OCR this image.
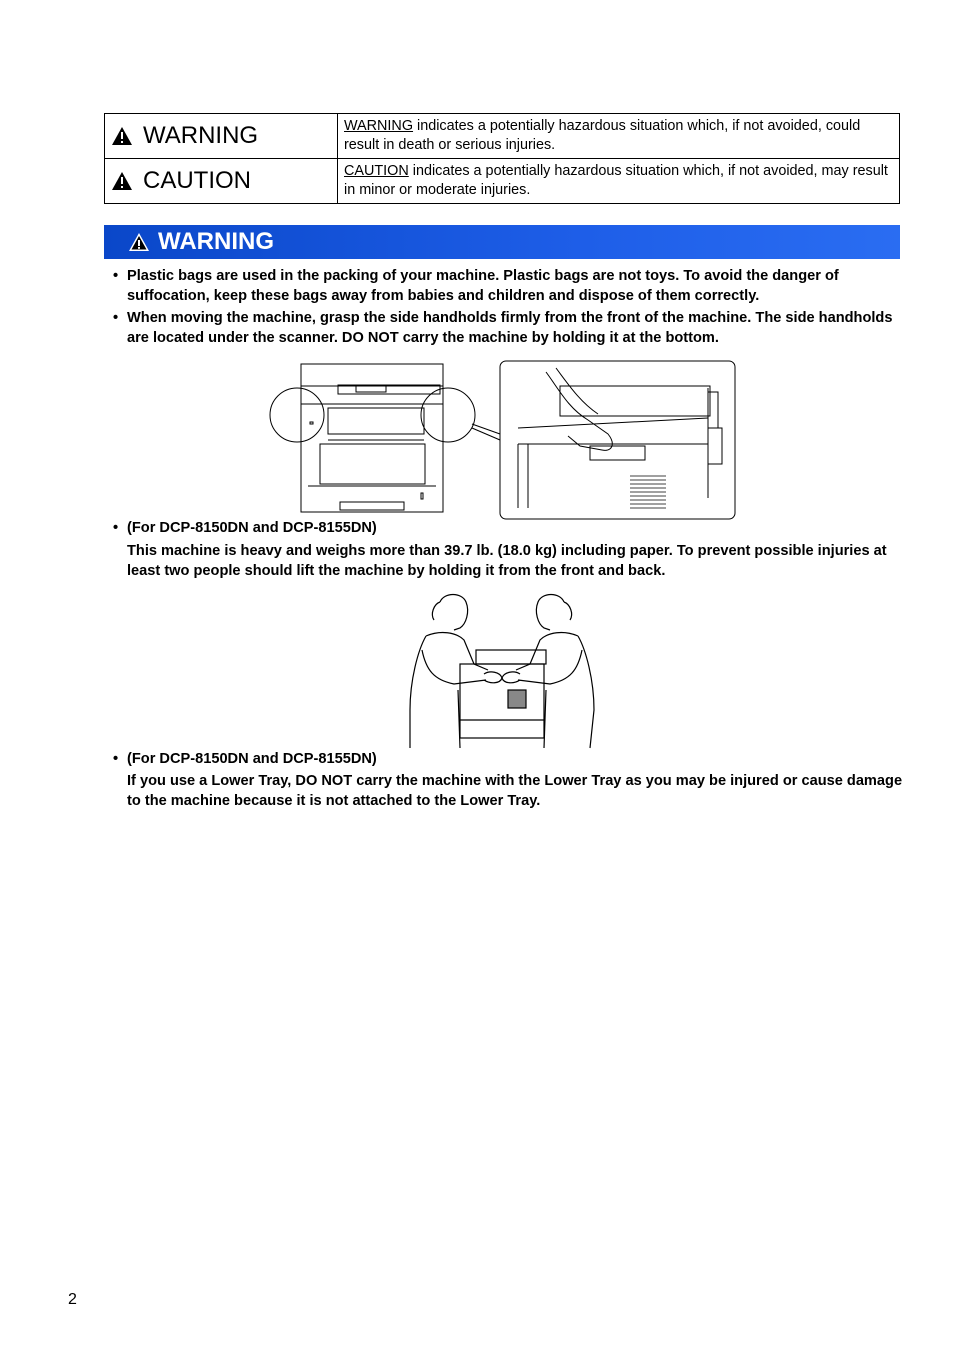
WARNING	WARNING indicates a potentially hazardous situation which, if not avoided, could result in death or serious injuries.

CAUTION	CAUTION indicates a potentially hazardous situation which, if not avoided, may result in minor or moderate injuries.
WARNING
• Plastic bags are used in the packing of your machine. Plastic bags are not toys. To avoid the danger of suffocation, keep these bags away from babies and children and dispose of them correctly.
• When moving the machine, grasp the side handholds firmly from the front of the machine. The side handholds are located under the scanner. DO NOT carry the machine by holding it at the bottom.
• (For DCP-8150DN and DCP-8155DN)
This machine is heavy and weighs more than 39.7 lb. (18.0 kg) including paper. To prevent possible injuries at least two people should lift the machine by holding it from the front and back.
• (For DCP-8150DN and DCP-8155DN)
If you use a Lower Tray, DO NOT carry the machine with the Lower Tray as you may be injured or cause damage to the machine because it is not attached to the Lower Tray.
2
